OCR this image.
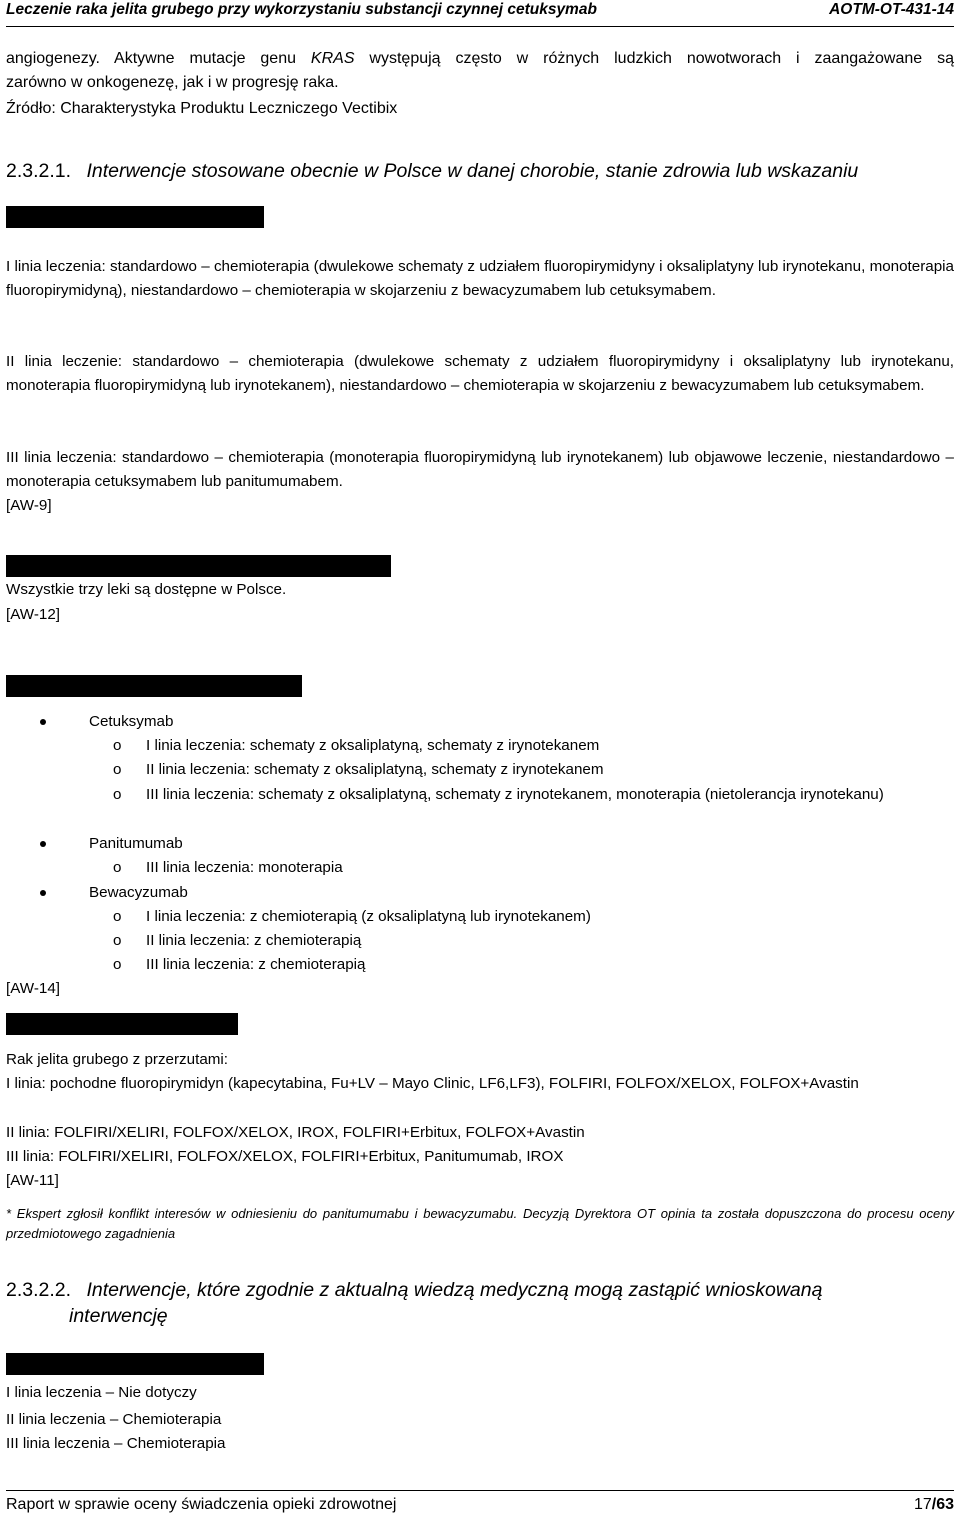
Leczenie raka jelita grubego przy wykorzystaniu substancji czynnej cetuksymab	AOTM-OT-431-14
angiogenezy. Aktywne mutacje genu KRAS występują często w różnych ludzkich nowotworach i zaangażowane są
zarówno w onkogenezę, jak i w progresję raka.
Źródło: Charakterystyka Produktu Leczniczego Vectibix
2.3.2.1. Interwencje stosowane obecnie w Polsce w danej chorobie, stanie zdrowia lub wskazaniu
I linia leczenia: standardowo – chemioterapia (dwulekowe schematy z udziałem fluoropirymidyny i oksaliplatyny lub irynotekanu, monoterapia fluoropirymidyną), niestandardowo – chemioterapia w skojarzeniu z bewacyzumabem lub cetuksymabem.
II linia leczenie: standardowo – chemioterapia (dwulekowe schematy z udziałem fluoropirymidyny i oksaliplatyny lub irynotekanu, monoterapia fluoropirymidyną lub irynotekanem), niestandardowo – chemioterapia w skojarzeniu z bewacyzumabem lub cetuksymabem.
III linia leczenia: standardowo – chemioterapia (monoterapia fluoropirymidyną lub irynotekanem) lub objawowe leczenie, niestandardowo – monoterapia cetuksymabem lub panitumumabem.
[AW-9]
Wszystkie trzy leki są dostępne w Polsce.
[AW-12]
Cetuksymab
o I linia leczenia: schematy z oksaliplatyną, schematy z irynotekanem
o II linia leczenia: schematy z oksaliplatyną, schematy z irynotekanem
o III linia leczenia: schematy z oksaliplatyną, schematy z irynotekanem, monoterapia (nietolerancja irynotekanu)
Panitumumab
o III linia leczenia: monoterapia
Bewacyzumab
o I linia leczenia: z chemioterapią (z oksaliplatyną lub irynotekanem)
o II linia leczenia: z chemioterapią
o III linia leczenia: z chemioterapią
[AW-14]
Rak jelita grubego z przerzutami:
I linia: pochodne fluoropirymidyn (kapecytabina, Fu+LV – Mayo Clinic, LF6,LF3), FOLFIRI, FOLFOX/XELOX, FOLFOX+Avastin
II linia: FOLFIRI/XELIRI, FOLFOX/XELOX, IROX, FOLFIRI+Erbitux, FOLFOX+Avastin
III linia: FOLFIRI/XELIRI, FOLFOX/XELOX, FOLFIRI+Erbitux, Panitumumab, IROX
[AW-11]
* Ekspert zgłosił konflikt interesów w odniesieniu do panitumumabu i bewacyzumabu. Decyzją Dyrektora OT opinia ta została dopuszczona do procesu oceny przedmiotowego zagadnienia
2.3.2.2. Interwencje, które zgodnie z aktualną wiedzą medyczną mogą zastąpić wnioskowaną
interwencję
I linia leczenia – Nie dotyczy
II linia leczenia – Chemioterapia
III linia leczenia – Chemioterapia
Raport w sprawie oceny świadczenia opieki zdrowotnej	17/63
